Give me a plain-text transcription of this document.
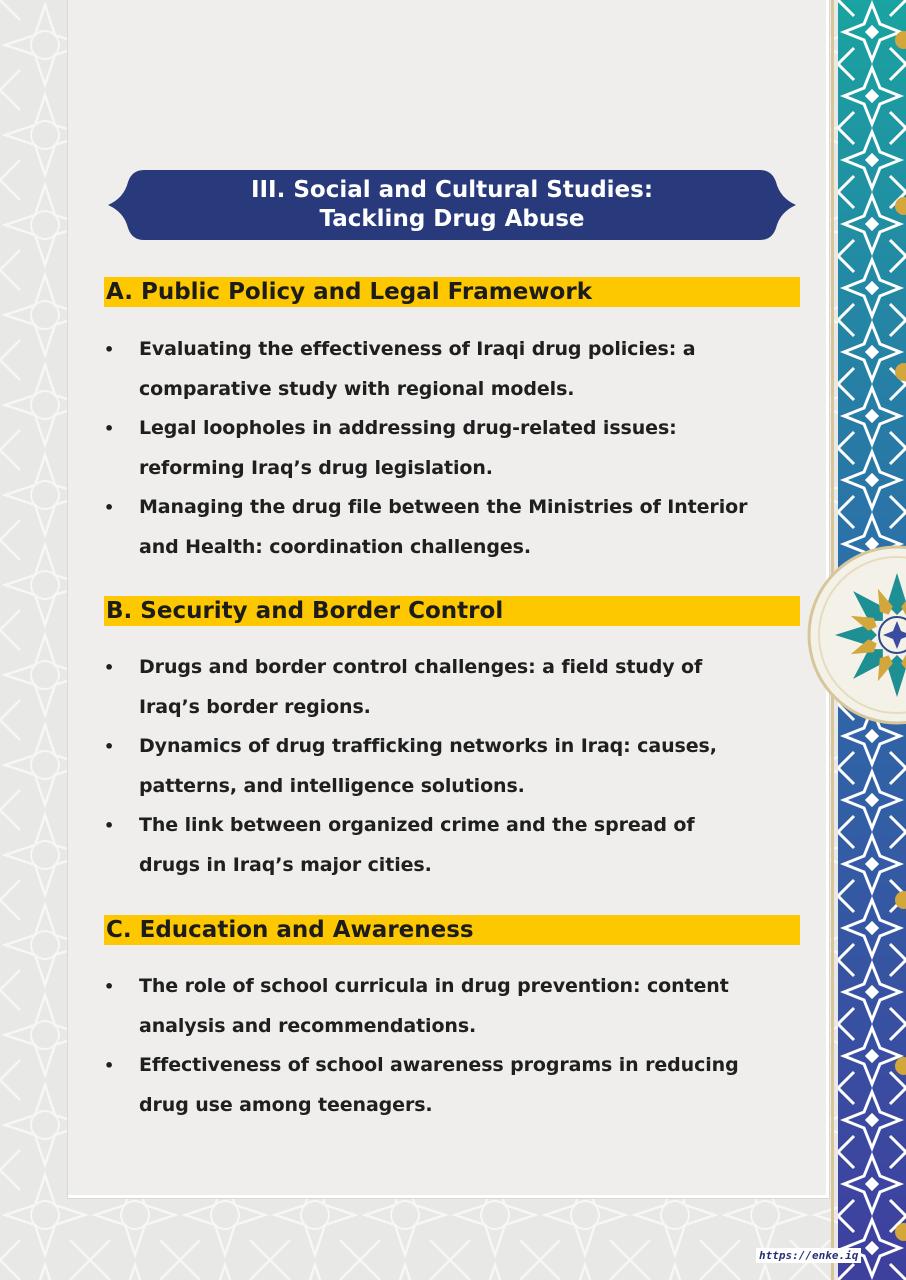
III. Social and Cultural Studies:
Tackling Drug Abuse
A. Public Policy and Legal Framework
• Evaluating the effectiveness of Iraqi drug policies: a
comparative study with regional models.
• Legal loopholes in addressing drug-related issues:
reforming Iraq’s drug legislation.
• Managing the drug file between the Ministries of Interior
and Health: coordination challenges.
B. Security and Border Control
• Drugs and border control challenges: a field study of
Iraq’s border regions.
• Dynamics of drug trafficking networks in Iraq: causes,
patterns, and intelligence solutions.
• The link between organized crime and the spread of
drugs in Iraq’s major cities.
C. Education and Awareness
• The role of school curricula in drug prevention: content
analysis and recommendations.
• Effectiveness of school awareness programs in reducing
drug use among teenagers.
https://enke.iq
